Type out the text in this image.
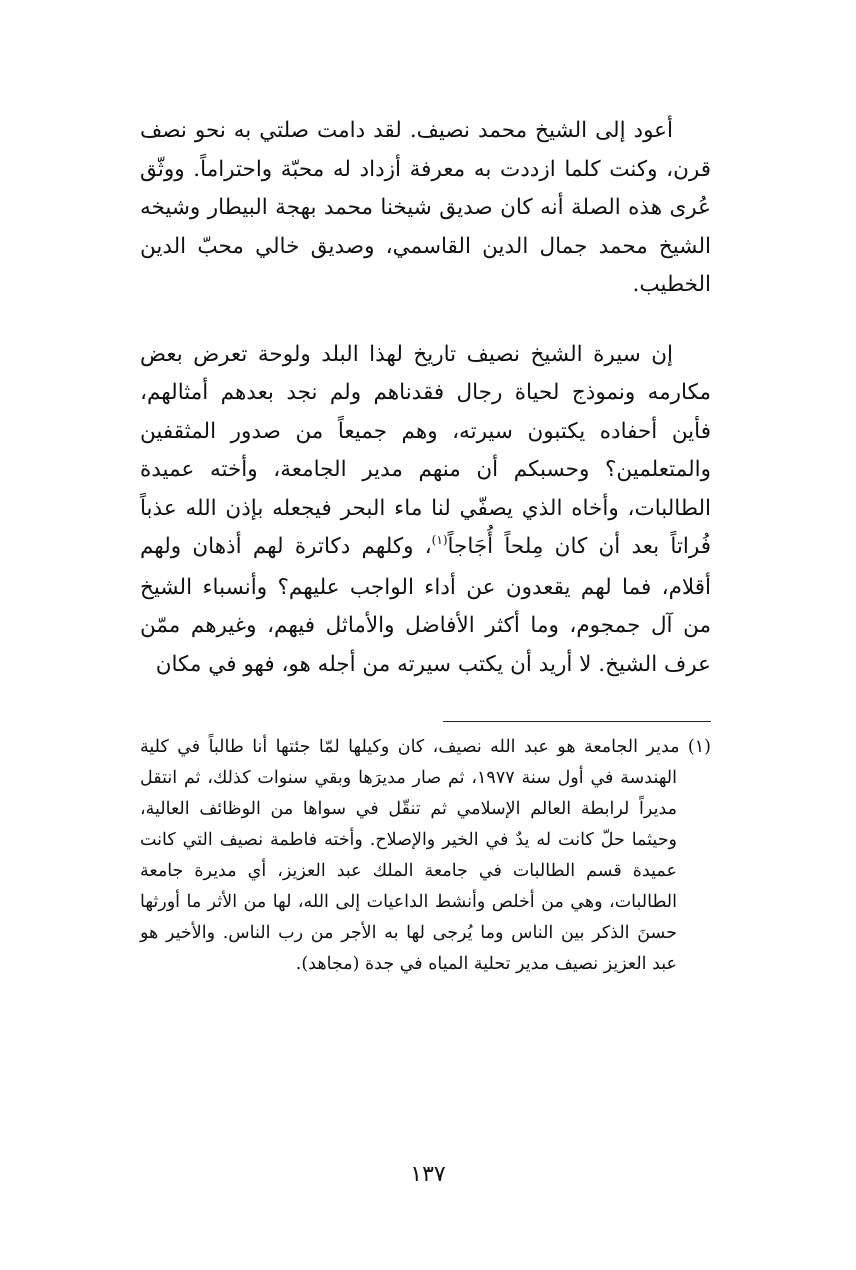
أعود إلى الشيخ محمد نصيف. لقد دامت صلتي به نحو نصف قرن، وكنت كلما ازددت به معرفة أزداد له محبّة واحتراماً. ووثّق عُرى هذه الصلة أنه كان صديق شيخنا محمد بهجة البيطار وشيخه الشيخ محمد جمال الدين القاسمي، وصديق خالي محبّ الدين الخطيب.

إن سيرة الشيخ نصيف تاريخ لهذا البلد ولوحة تعرض بعض مكارمه ونموذج لحياة رجال فقدناهم ولم نجد بعدهم أمثالهم، فأين أحفاده يكتبون سيرته، وهم جميعاً من صدور المثقفين والمتعلمين؟ وحسبكم أن منهم مدير الجامعة، وأخته عميدة الطالبات، وأخاه الذي يصفّي لنا ماء البحر فيجعله بإذن الله عذباً فُراتاً بعد أن كان مِلحاً أُجَاجاً$^{(١)}$، وكلهم دكاترة لهم أذهان ولهم أقلام، فما لهم يقعدون عن أداء الواجب عليهم؟ وأنسباء الشيخ من آل جمجوم، وما أكثر الأفاضل والأماثل فيهم، وغيرهم ممّن عرف الشيخ. لا أريد أن يكتب سيرته من أجله هو، فهو في مكان

(١) مدير الجامعة هو عبد الله نصيف، كان وكيلها لمّا جئتها أنا طالباً في كلية الهندسة في أول سنة ١٩٧٧، ثم صار مديرَها وبقي سنوات كذلك، ثم انتقل مديراً لرابطة العالم الإسلامي ثم تنقّل في سواها من الوظائف العالية، وحيثما حلّ كانت له يدٌ في الخير والإصلاح. وأخته فاطمة نصيف التي كانت عميدة قسم الطالبات في جامعة الملك عبد العزيز، أي مديرة جامعة الطالبات، وهي من أخلص وأنشط الداعيات إلى الله، لها من الأثر ما أورثها حسنَ الذكر بين الناس وما يُرجى لها به الأجر من رب الناس. والأخير هو عبد العزيز نصيف مدير تحلية المياه في جدة (مجاهد).

١٣٧
